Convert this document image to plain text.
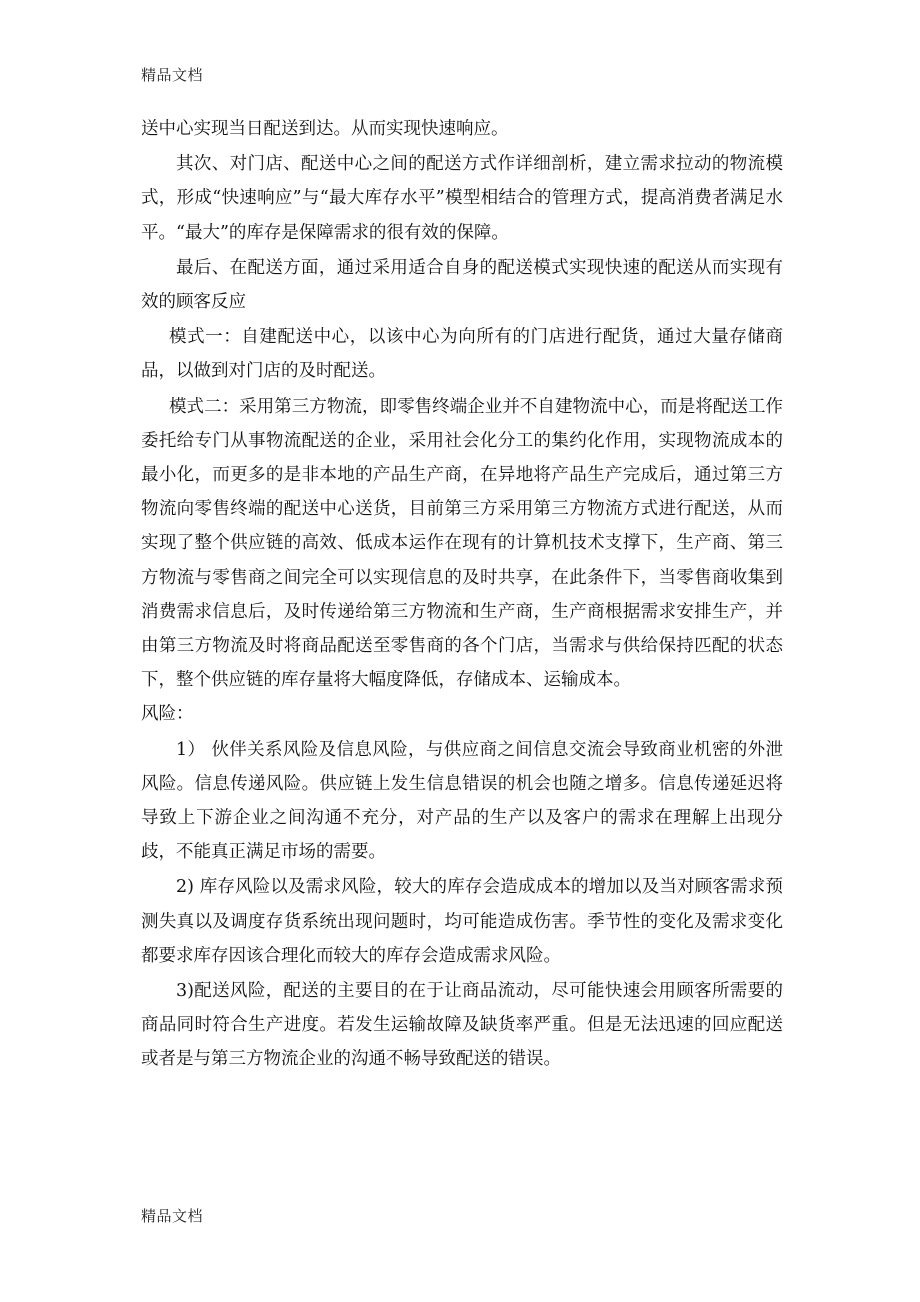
精品文档

送中心实现当日配送到达。从而实现快速响应。

其次、对门店、配送中心之间的配送方式作详细剖析，建立需求拉动的物流模式，形成“快速响应”与“最大库存水平”模型相结合的管理方式，提高消费者满足水平。“最大”的库存是保障需求的很有效的保障。

最后、在配送方面，通过采用适合自身的配送模式实现快速的配送从而实现有效的顾客反应

模式一：自建配送中心，以该中心为向所有的门店进行配货，通过大量存储商品，以做到对门店的及时配送。

模式二：采用第三方物流，即零售终端企业并不自建物流中心，而是将配送工作委托给专门从事物流配送的企业，采用社会化分工的集约化作用，实现物流成本的最小化，而更多的是非本地的产品生产商，在异地将产品生产完成后，通过第三方物流向零售终端的配送中心送货，目前第三方采用第三方物流方式进行配送，从而实现了整个供应链的高效、低成本运作在现有的计算机技术支撑下，生产商、第三方物流与零售商之间完全可以实现信息的及时共享，在此条件下，当零售商收集到消费需求信息后，及时传递给第三方物流和生产商，生产商根据需求安排生产，并由第三方物流及时将商品配送至零售商的各个门店，当需求与供给保持匹配的状态下，整个供应链的库存量将大幅度降低，存储成本、运输成本。

风险：

1） 伙伴关系风险及信息风险，与供应商之间信息交流会导致商业机密的外泄风险。信息传递风险。供应链上发生信息错误的机会也随之增多。信息传递延迟将导致上下游企业之间沟通不充分，对产品的生产以及客户的需求在理解上出现分歧，不能真正满足市场的需要。

2) 库存风险以及需求风险，较大的库存会造成成本的增加以及当对顾客需求预测失真以及调度存货系统出现问题时，均可能造成伤害。季节性的变化及需求变化都要求库存因该合理化而较大的库存会造成需求风险。

3)配送风险，配送的主要目的在于让商品流动，尽可能快速会用顾客所需要的商品同时符合生产进度。若发生运输故障及缺货率严重。但是无法迅速的回应配送或者是与第三方物流企业的沟通不畅导致配送的错误。

精品文档
